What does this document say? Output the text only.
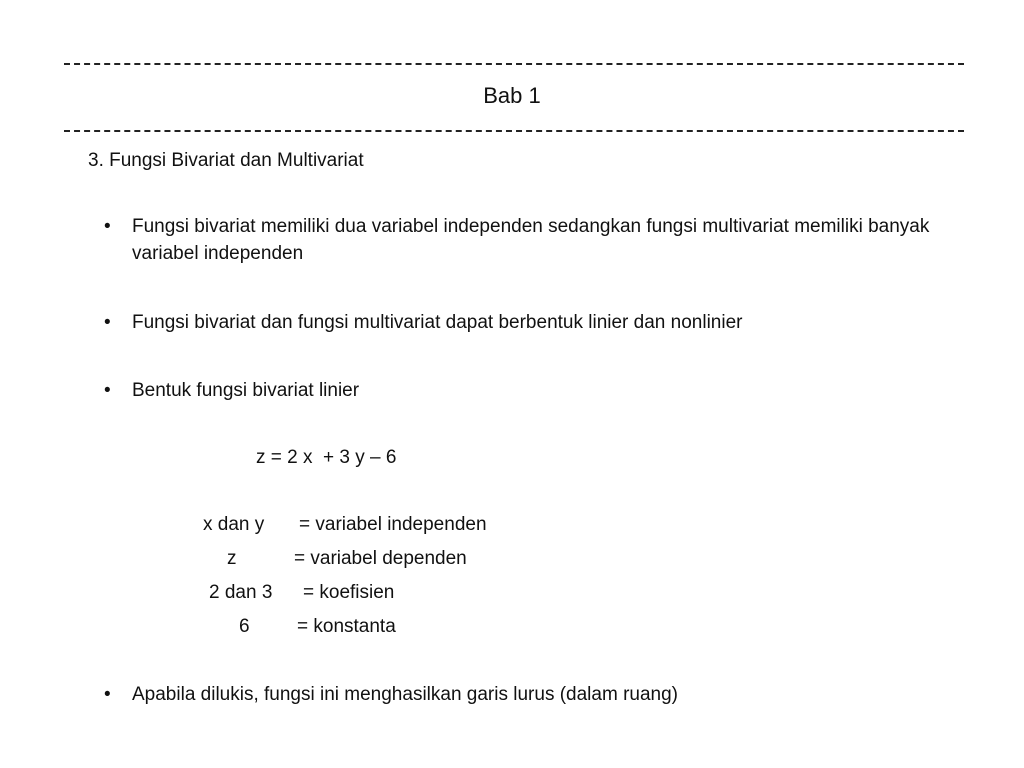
Bab 1
3. Fungsi Bivariat dan Multivariat
• Fungsi bivariat memiliki dua variabel independen sedangkan fungsi multivariat memiliki banyak variabel independen
• Fungsi bivariat dan fungsi multivariat dapat berbentuk linier dan nonlinier
• Bentuk fungsi bivariat linier
z = 2 x  + 3 y – 6
x dan y = variabel independen
z	= variabel dependen
2 dan 3 = koefisien
6 = konstanta
• Apabila dilukis, fungsi ini menghasilkan garis lurus (dalam ruang)
